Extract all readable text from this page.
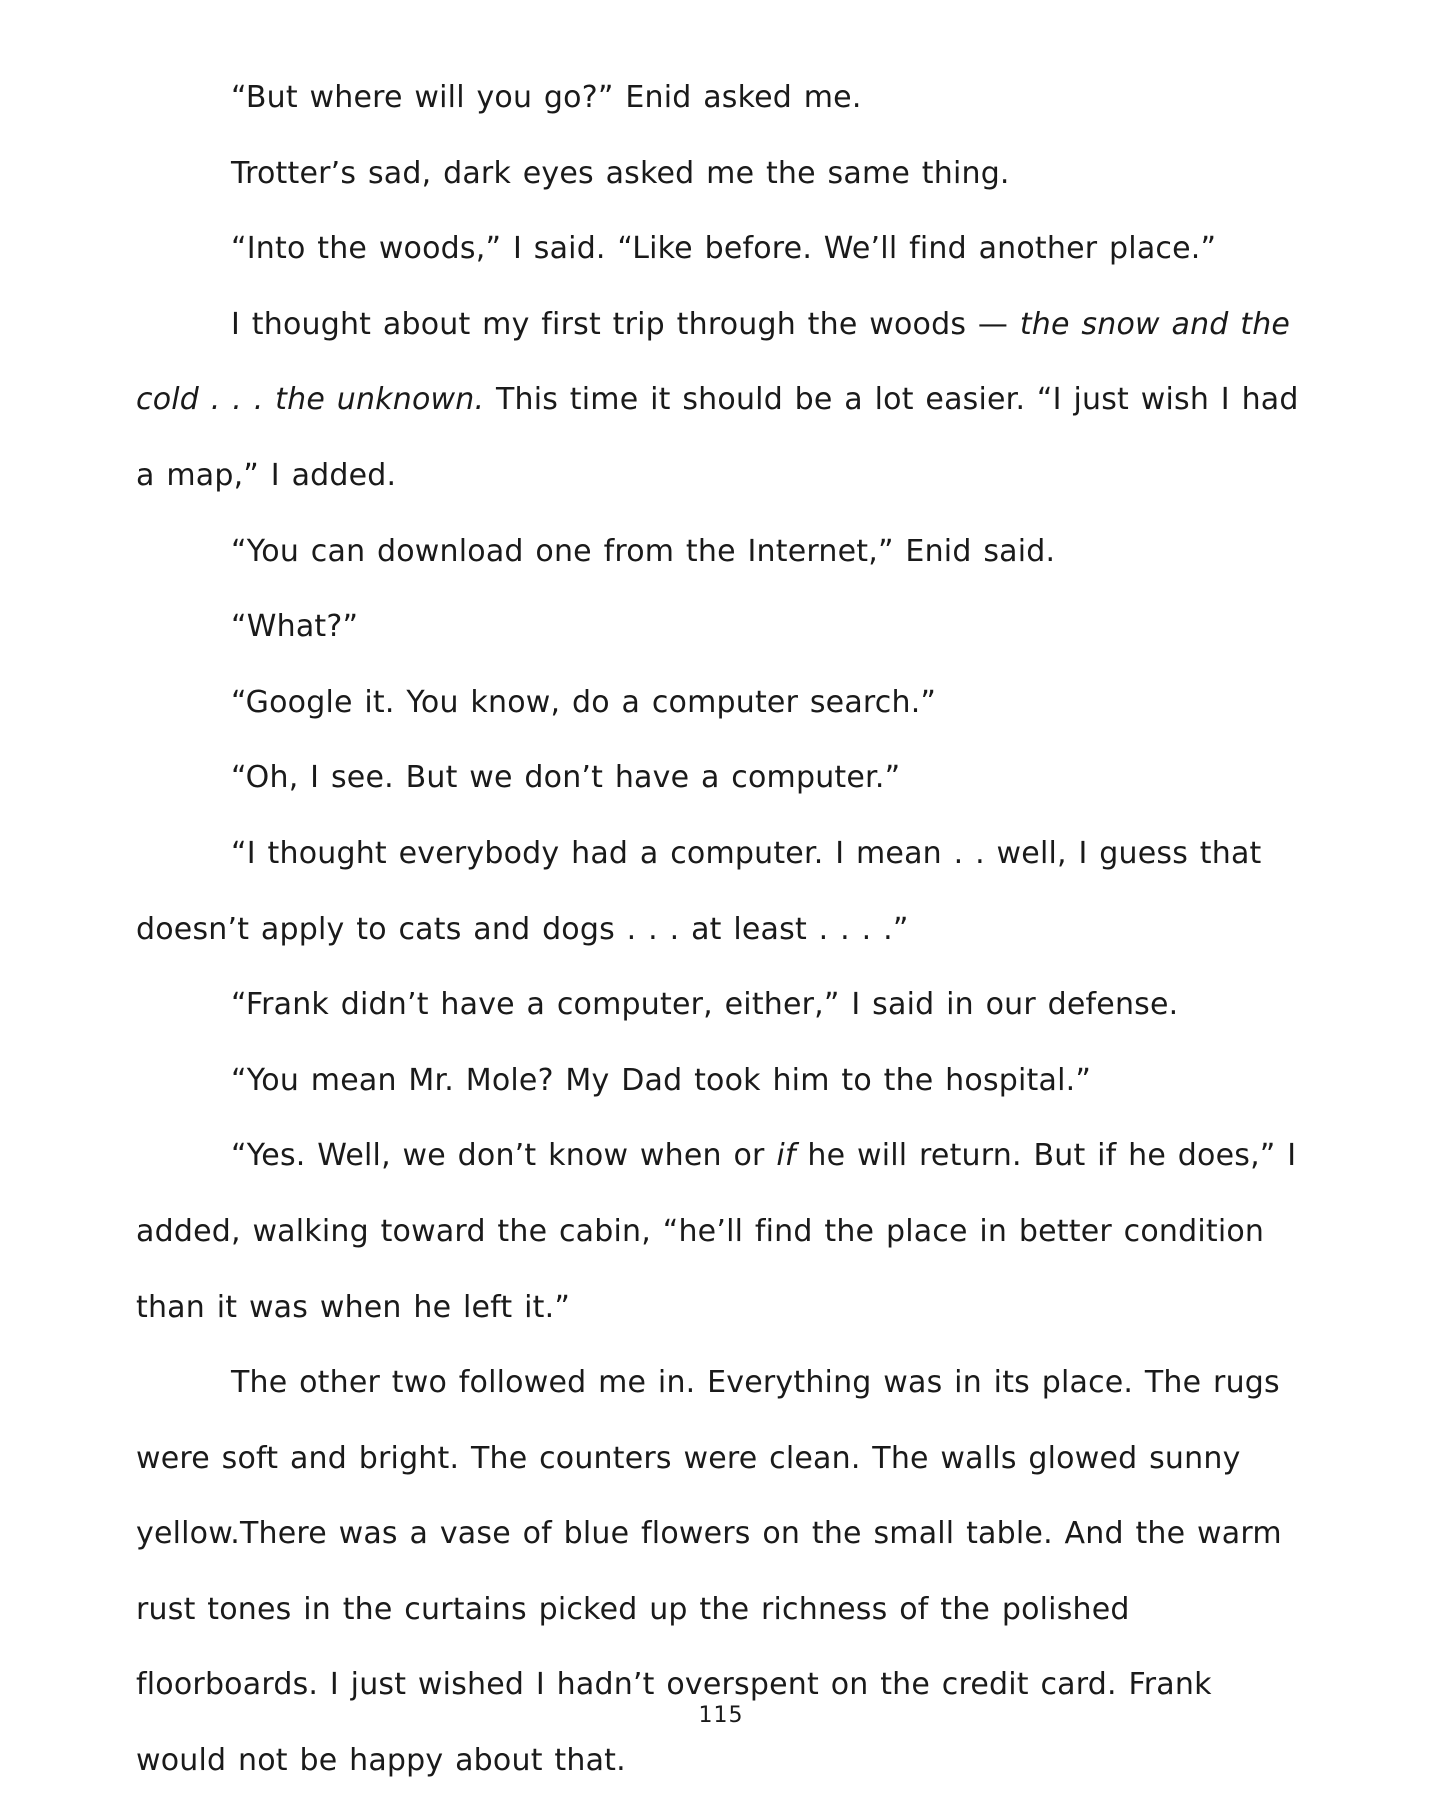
“But where will you go?” Enid asked me.

Trotter’s sad, dark eyes asked me the same thing.

“Into the woods,” I said. “Like before. We’ll find another place.”

I thought about my first trip through the woods — the snow and the cold . . . the unknown. This time it should be a lot easier. “I just wish I had a map,” I added.

“You can download one from the Internet,” Enid said.

“What?”

“Google it. You know, do a computer search.”

“Oh, I see. But we don’t have a computer.”

“I thought everybody had a computer. I mean . . well, I guess that doesn’t apply to cats and dogs . . . at least . . . .”

“Frank didn’t have a computer, either,” I said in our defense.

“You mean Mr. Mole? My Dad took him to the hospital.”

“Yes. Well, we don’t know when or if he will return. But if he does,” I added, walking toward the cabin, “he’ll find the place in better condition than it was when he left it.”

The other two followed me in. Everything was in its place. The rugs were soft and bright. The counters were clean. The walls glowed sunny yellow.There was a vase of blue flowers on the small table. And the warm rust tones in the curtains picked up the richness of the polished floorboards. I just wished I hadn’t overspent on the credit card. Frank would not be happy about that.

115
